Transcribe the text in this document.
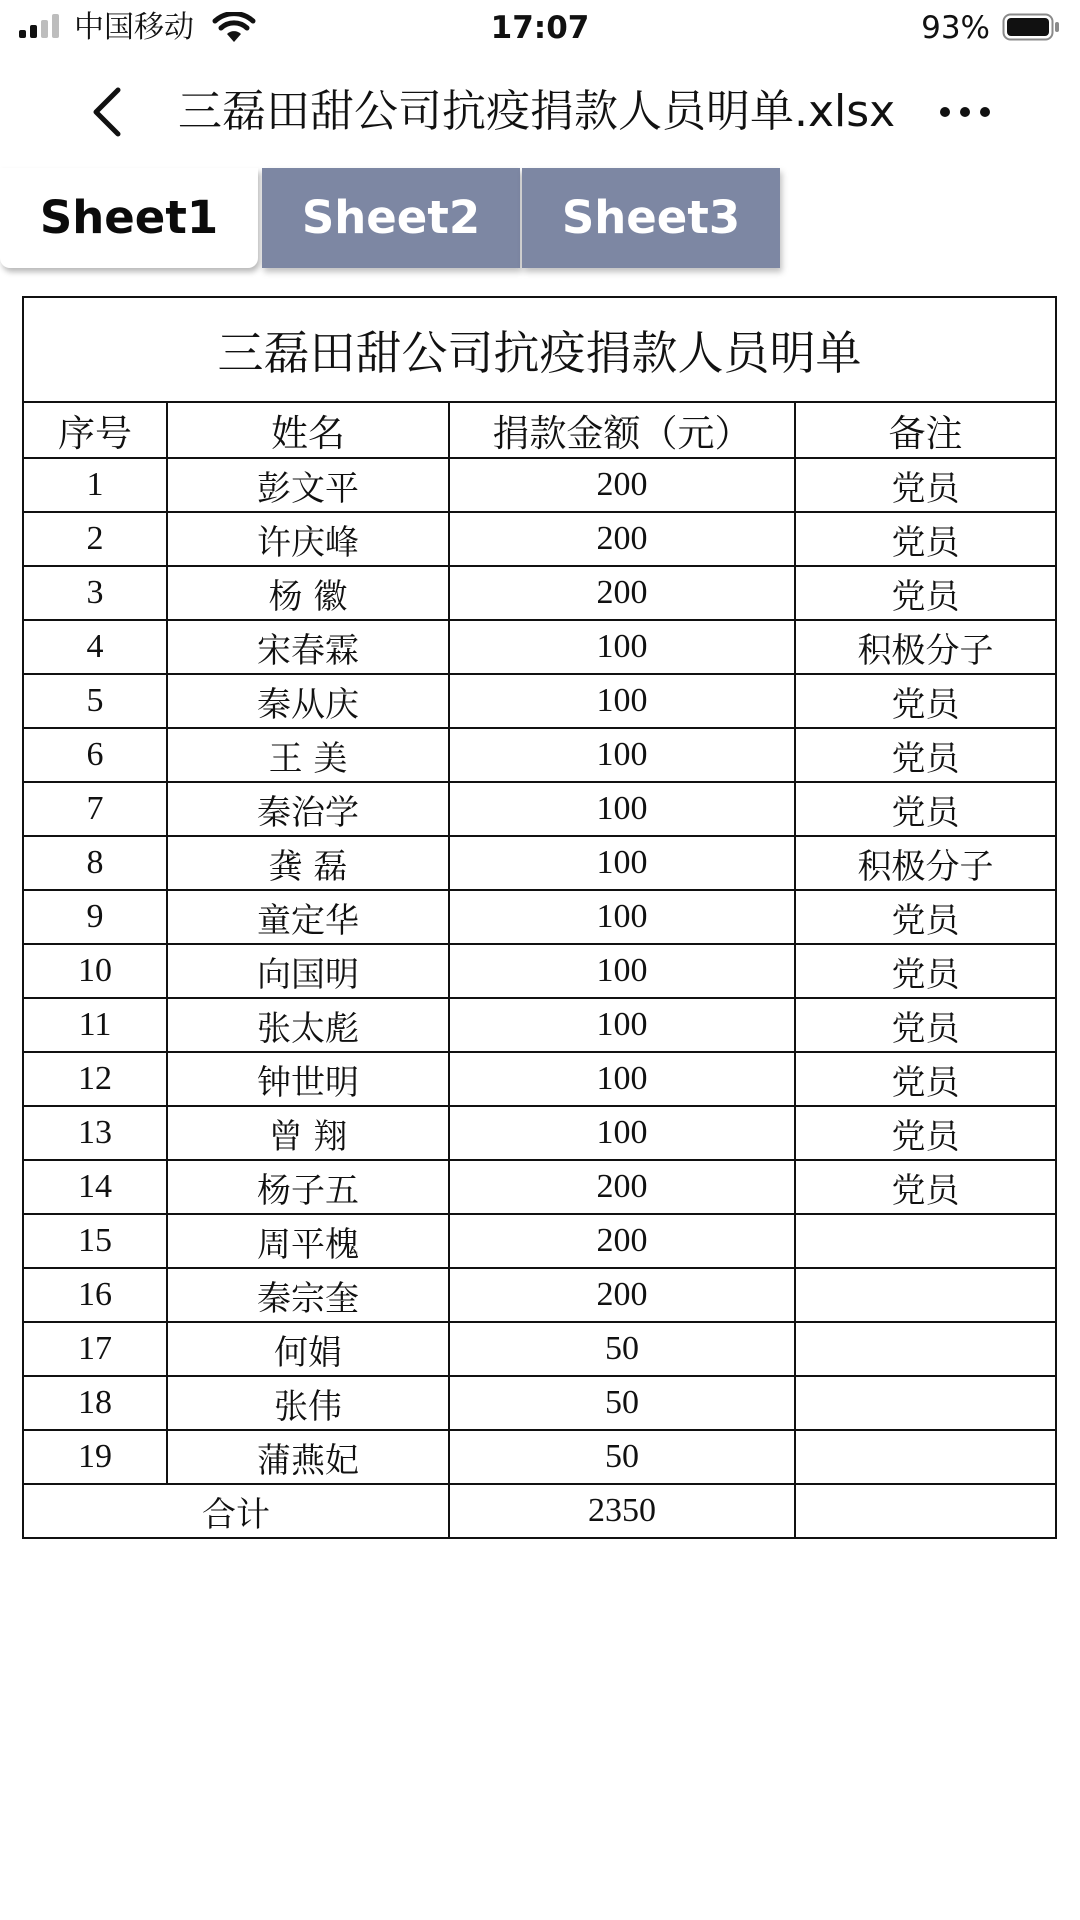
中国移动	17:07	93%
三磊田甜公司抗疫捐款人员明单.xlsx
Sheet1	Sheet2	Sheet3
三磊田甜公司抗疫捐款人员明单			
序号	姓名	捐款金额（元）	备注
1	彭文平	200	党员
2	许庆峰	200	党员
3	杨 徽	200	党员
4	宋春霖	100	积极分子
5	秦从庆	100	党员
6	王 美	100	党员
7	秦治学	100	党员
8	龚 磊	100	积极分子
9	童定华	100	党员
10	向国明	100	党员
11	张太彪	100	党员
12	钟世明	100	党员
13	曾 翔	100	党员
14	杨子五	200	党员
15	周平槐	200	
16	秦宗奎	200	
17	何娟	50	
18	张伟	50	
19	蒲燕妃	50	
合计		2350	
